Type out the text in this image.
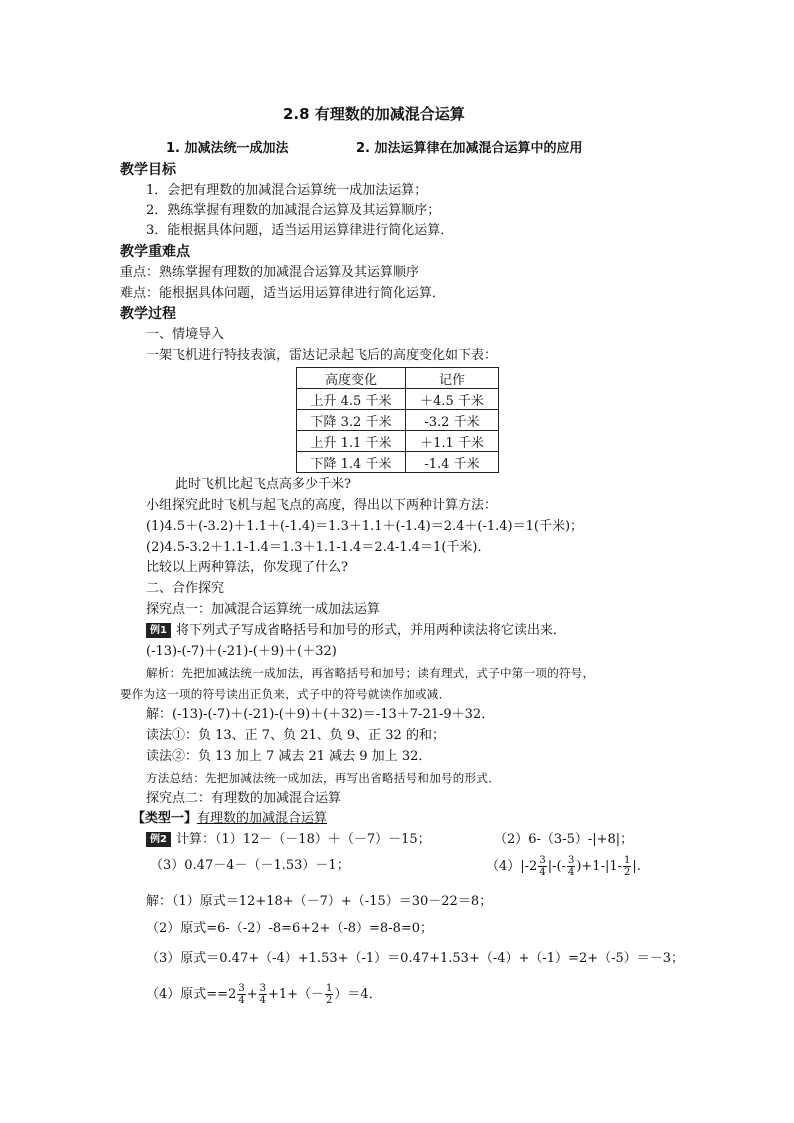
2.8 有理数的加减混合运算
1. 加减法统一成加法	2. 加法运算律在加减混合运算中的应用
教学目标
1．会把有理数的加减混合运算统一成加法运算；
2．熟练掌握有理数的加减混合运算及其运算顺序；
3．能根据具体问题，适当运用运算律进行简化运算．
教学重难点
重点：熟练掌握有理数的加减混合运算及其运算顺序
难点：能根据具体问题，适当运用运算律进行简化运算．
教学过程
一、情境导入
一架飞机进行特技表演，雷达记录起飞后的高度变化如下表：
高度变化	记作
上升 4.5 千米	＋4.5 千米
下降 3.2 千米	-3.2 千米
上升 1.1 千米	＋1.1 千米
下降 1.4 千米	-1.4 千米
此时飞机比起飞点高多少千米?
小组探究此时飞机与起飞点的高度，得出以下两种计算方法：
(1)4.5＋(-3.2)＋1.1＋(-1.4)＝1.3＋1.1＋(-1.4)＝2.4＋(-1.4)＝1(千米)；
(2)4.5-3.2＋1.1-1.4＝1.3＋1.1-1.4＝2.4-1.4＝1(千米)．
比较以上两种算法，你发现了什么?
二、合作探究
探究点一：加减混合运算统一成加法运算
例1 将下列式子写成省略括号和加号的形式，并用两种读法将它读出来．
(-13)-(-7)＋(-21)-(＋9)＋(＋32)
解析：先把加减法统一成加法，再省略括号和加号；读有理式，式子中第一项的符号，
要作为这一项的符号读出正负来，式子中的符号就读作加或减．
解：(-13)-(-7)＋(-21)-(＋9)＋(＋32)＝-13＋7-21-9＋32．
读法①：负 13、正 7、负 21、负 9、正 32 的和；
读法②：负 13 加上 7 减去 21 减去 9 加上 32．
方法总结：先把加减法统一成加法，再写出省略括号和加号的形式．
探究点二：有理数的加减混合运算
【类型一】有理数的加减混合运算
例2 计算：（1）12－（－18）＋（－7）－15；	（2）6-（3-5）-|+8|；
（3）0.47－4－（－1.53）－1；	$(4)|-2 \frac{3}{4}$ |-(- $\frac{3}{4} )+1-|1- \frac{1}{2}$ |.
解：（1）原式＝12+18+（－7）+（-15）＝30－22＝8；
（2）原式=6-（-2）-8=6+2+（-8）=8-8=0；
（3）原式＝0.47+（-4）+1.53+（-1）＝0.47+1.53+（-4）+（-1）=2+（-5）＝－3；
（4）原式$==2 \frac{3}{4} + \frac{3}{4} +1+(- \frac{1}{2} )=4$．
